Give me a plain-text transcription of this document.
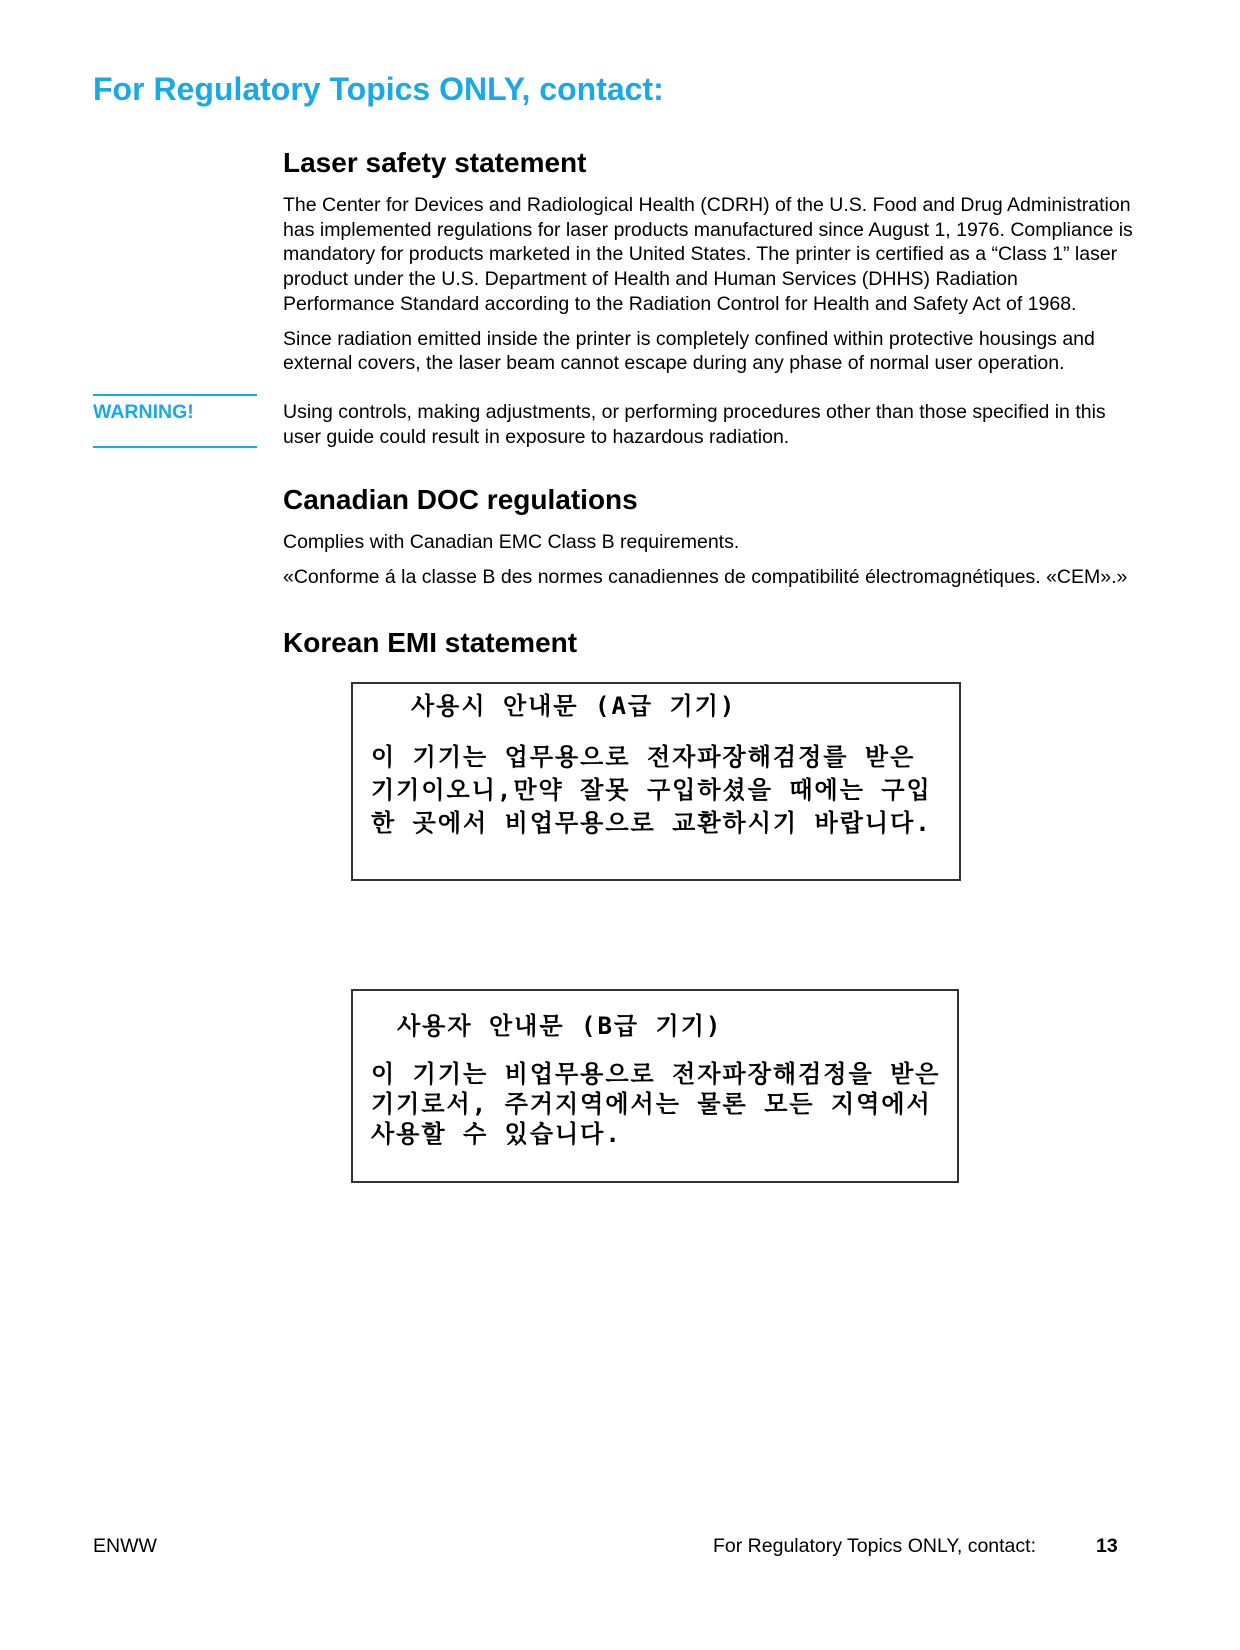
For Regulatory Topics ONLY, contact:
Laser safety statement

The Center for Devices and Radiological Health (CDRH) of the U.S. Food and Drug Administration has implemented regulations for laser products manufactured since August 1, 1976. Compliance is mandatory for products marketed in the United States. The printer is certified as a “Class 1” laser product under the U.S. Department of Health and Human Services (DHHS) Radiation Performance Standard according to the Radiation Control for Health and Safety Act of 1968.

Since radiation emitted inside the printer is completely confined within protective housings and external covers, the laser beam cannot escape during any phase of normal user operation.

WARNING!	Using controls, making adjustments, or performing procedures other than those specified in this user guide could result in exposure to hazardous radiation.

Canadian DOC regulations

Complies with Canadian EMC Class B requirements.

«Conforme á la classe B des normes canadiennes de compatibilité électromagnétiques. «CEM».»

Korean EMI statement
사용시 안내문 (A급 기기)
이 기기는 업무용으로 전자파장해검정를 받은
기기이오니,만약 잘못 구입하셨을 때에는 구입
한 곳에서 비업무용으로 교환하시기 바랍니다.
사용자 안내문 (B급 기기)
이 기기는 비업무용으로 전자파장해검정을 받은
기기로서, 주거지역에서는 물론 모든 지역에서
사용할 수 있습니다.
ENWW	For Regulatory Topics ONLY, contact:	13
